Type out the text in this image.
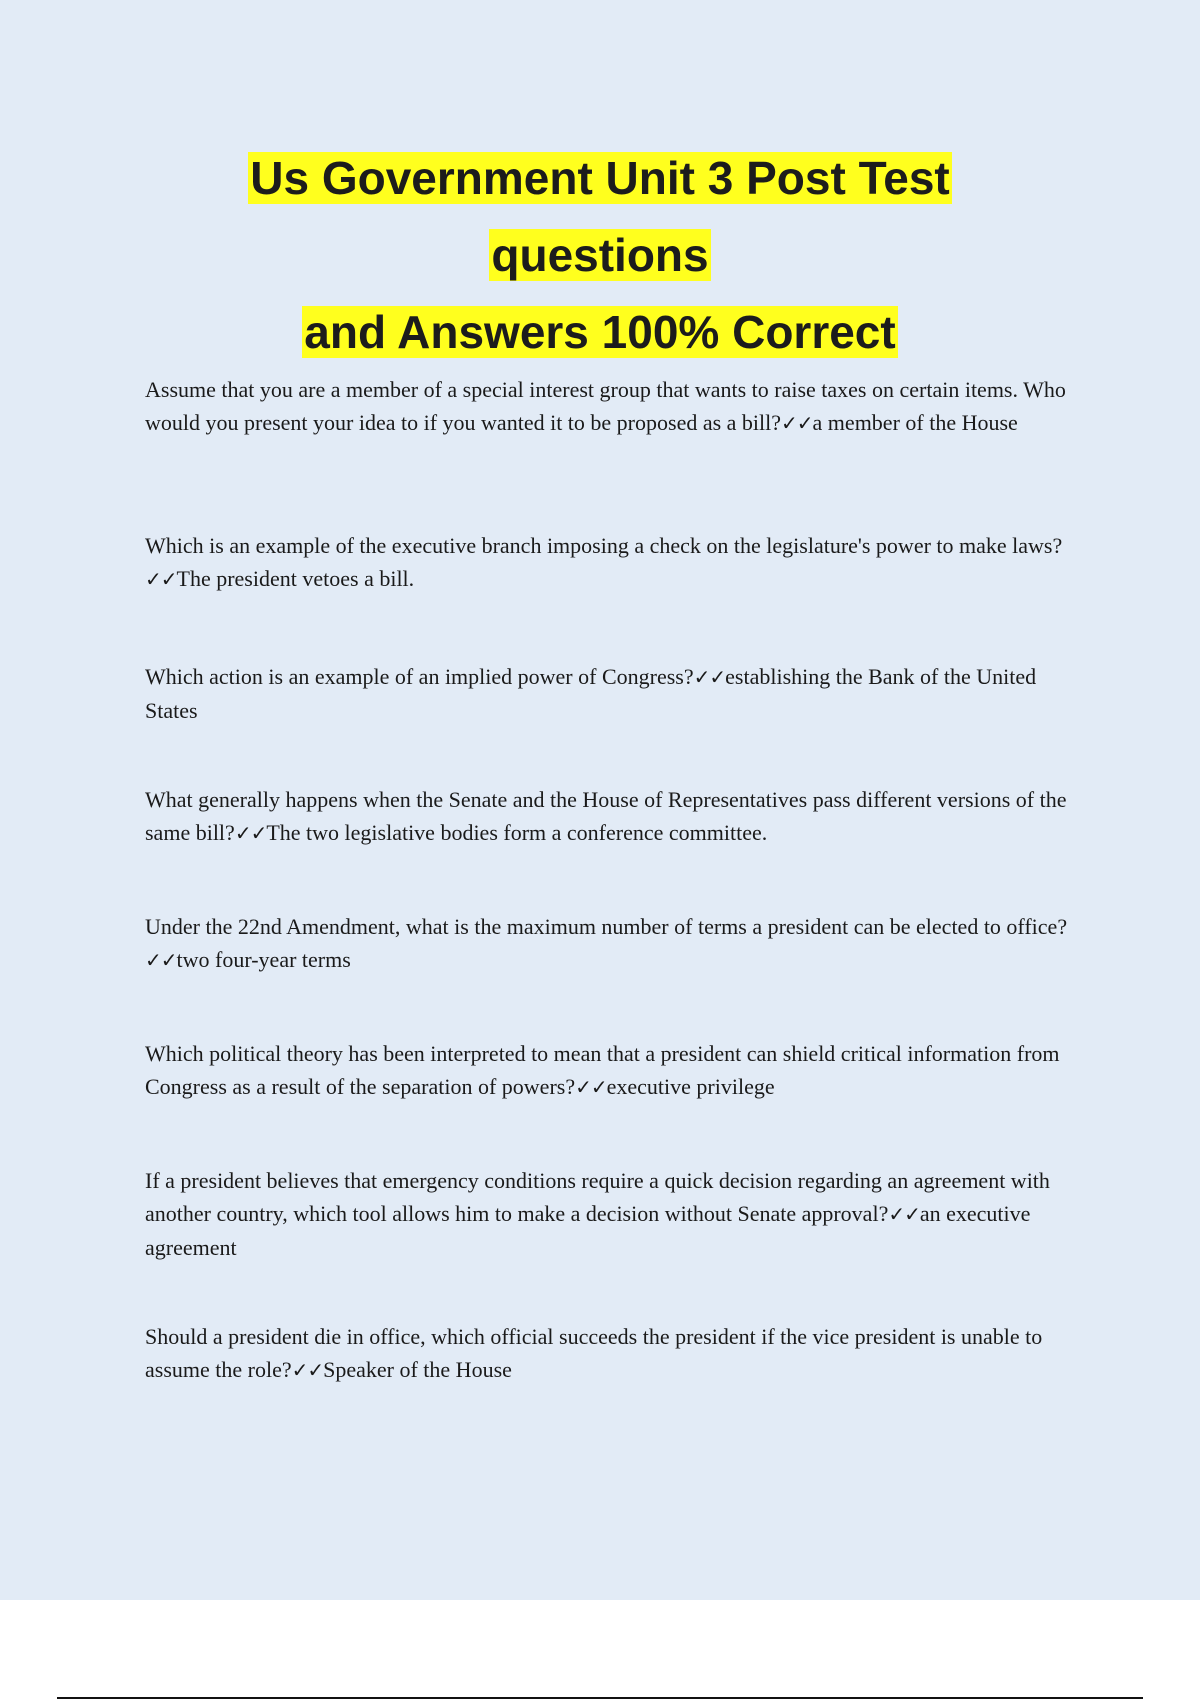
Us Government Unit 3 Post Test
questions
and Answers 100% Correct

Assume that you are a member of a special interest group that wants to raise taxes on certain items. Who would you present your idea to if you wanted it to be proposed as a bill?✓✓a member of the House

Which is an example of the executive branch imposing a check on the legislature's power to make laws?✓✓The president vetoes a bill.

Which action is an example of an implied power of Congress?✓✓establishing the Bank of the United States

What generally happens when the Senate and the House of Representatives pass different versions of the same bill?✓✓The two legislative bodies form a conference committee.

Under the 22nd Amendment, what is the maximum number of terms a president can be elected to office?✓✓two four-year terms

Which political theory has been interpreted to mean that a president can shield critical information from Congress as a result of the separation of powers?✓✓executive privilege

If a president believes that emergency conditions require a quick decision regarding an agreement with another country, which tool allows him to make a decision without Senate approval?✓✓an executive agreement

Should a president die in office, which official succeeds the president if the vice president is unable to assume the role?✓✓Speaker of the House
